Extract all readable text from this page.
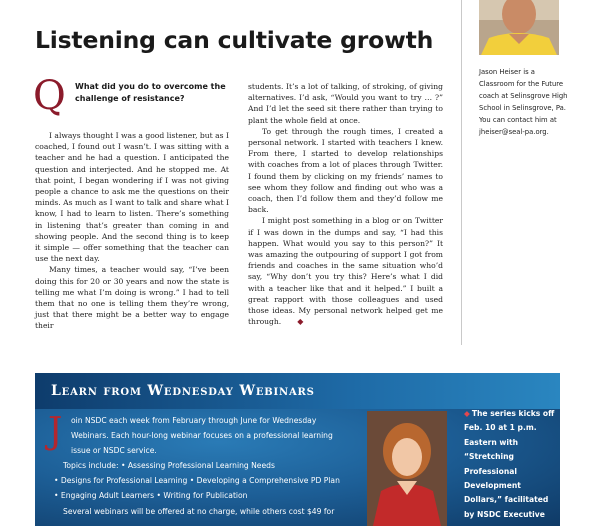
Listening can cultivate growth
Q What did you do to overcome the challenge of resistance?

I always thought I was a good listener, but as I coached, I found out I wasn’t. I was sitting with a teacher and he had a question. I anticipated the question and interjected. And he stopped me. At that point, I began wondering if I was not giving people a chance to ask me the questions on their minds. As much as I want to talk and share what I know, I had to learn to listen. There’s something in listening that’s greater than coming in and showing people. And the second thing is to keep it simple — offer something that the teacher can use the next day.

Many times, a teacher would say, “I’ve been doing this for 20 or 30 years and now the state is telling me what I’m doing is wrong.” I had to tell them that no one is telling them they’re wrong, just that there might be a better way to engage their

students. It’s a lot of talking, of stroking, of giving alternatives. I’d ask, “Would you want to try … ?” And I’d let the seed sit there rather than trying to plant the whole field at once.

To get through the rough times, I created a personal network. I started with teachers I knew. From there, I started to develop relationships with coaches from a lot of places through Twitter. I found them by clicking on my friends’ names to see whom they follow and finding out who was a coach, then I’d follow them and they’d follow me back.

I might post something in a blog or on Twitter if I was down in the dumps and say, “I had this happen. What would you say to this person?” It was amazing the outpouring of support I got from friends and coaches in the same situation who’d say, “Why don’t you try this? Here’s what I did with a teacher like that and it helped.” I built a great rapport with those colleagues and used those ideas. My personal network helped get me through. ◆

Jason Heiser is a Classroom for the Future coach at Selinsgrove High School in Selinsgrove, Pa. You can contact him at jheiser@seal-pa.org.
Learn from Wednesday Webinars
J oin NSDC each week from February through June for Wednesday
Webinars. Each hour-long webinar focuses on a professional learning
issue or NSDC service.
Topics include: • Assessing Professional Learning Needs
• Designs for Professional Learning • Developing a Comprehensive PD Plan
• Engaging Adult Learners • Writing for Publication
Several webinars will be offered at no charge, while others cost $49 for
◆ The series kicks off Feb. 10 at 1 p.m. Eastern with “Stretching Professional Development Dollars,” facilitated by NSDC Executive
